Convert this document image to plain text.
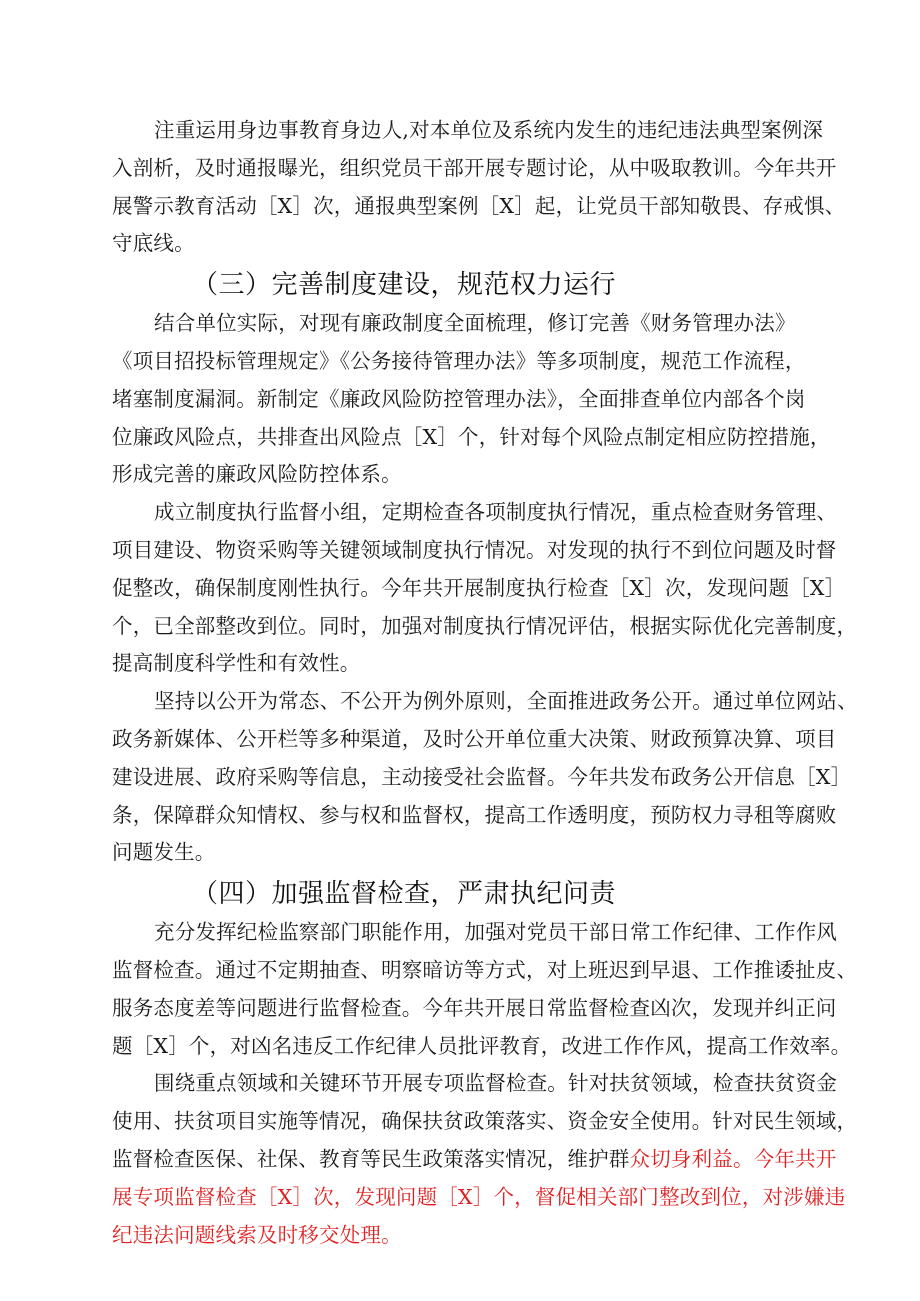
注重运用身边事教育身边人,对本单位及系统内发生的违纪违法典型案例深
入剖析，及时通报曝光，组织党员干部开展专题讨论，从中吸取教训。今年共开
展警示教育活动［X］次，通报典型案例［X］起，让党员干部知敬畏、存戒惧、
守底线。
（三）完善制度建设，规范权力运行
结合单位实际，对现有廉政制度全面梳理，修订完善《财务管理办法》
《项目招投标管理规定》《公务接待管理办法》等多项制度，规范工作流程，
堵塞制度漏洞。新制定《廉政风险防控管理办法》，全面排查单位内部各个岗
位廉政风险点，共排查出风险点［X］个，针对每个风险点制定相应防控措施，
形成完善的廉政风险防控体系。
成立制度执行监督小组，定期检查各项制度执行情况，重点检查财务管理、
项目建设、物资采购等关键领域制度执行情况。对发现的执行不到位问题及时督
促整改，确保制度刚性执行。今年共开展制度执行检查［X］次，发现问题［X］
个，已全部整改到位。同时，加强对制度执行情况评估，根据实际优化完善制度，
提高制度科学性和有效性。
坚持以公开为常态、不公开为例外原则，全面推进政务公开。通过单位网站、
政务新媒体、公开栏等多种渠道，及时公开单位重大决策、财政预算决算、项目
建设进展、政府采购等信息，主动接受社会监督。今年共发布政务公开信息［X］
条，保障群众知情权、参与权和监督权，提高工作透明度，预防权力寻租等腐败
问题发生。
（四）加强监督检查，严肃执纪问责
充分发挥纪检监察部门职能作用，加强对党员干部日常工作纪律、工作作风
监督检查。通过不定期抽查、明察暗访等方式，对上班迟到早退、工作推诿扯皮、
服务态度差等问题进行监督检查。今年共开展日常监督检查凶次，发现并纠正问
题［X］个，对凶名违反工作纪律人员批评教育，改进工作作风，提高工作效率。
围绕重点领域和关键环节开展专项监督检查。针对扶贫领域，检查扶贫资金
使用、扶贫项目实施等情况，确保扶贫政策落实、资金安全使用。针对民生领域，
监督检查医保、社保、教育等民生政策落实情况，维护群众切身利益。今年共开
展专项监督检查［X］次，发现问题［X］个，督促相关部门整改到位，对涉嫌违
纪违法问题线索及时移交处理。
